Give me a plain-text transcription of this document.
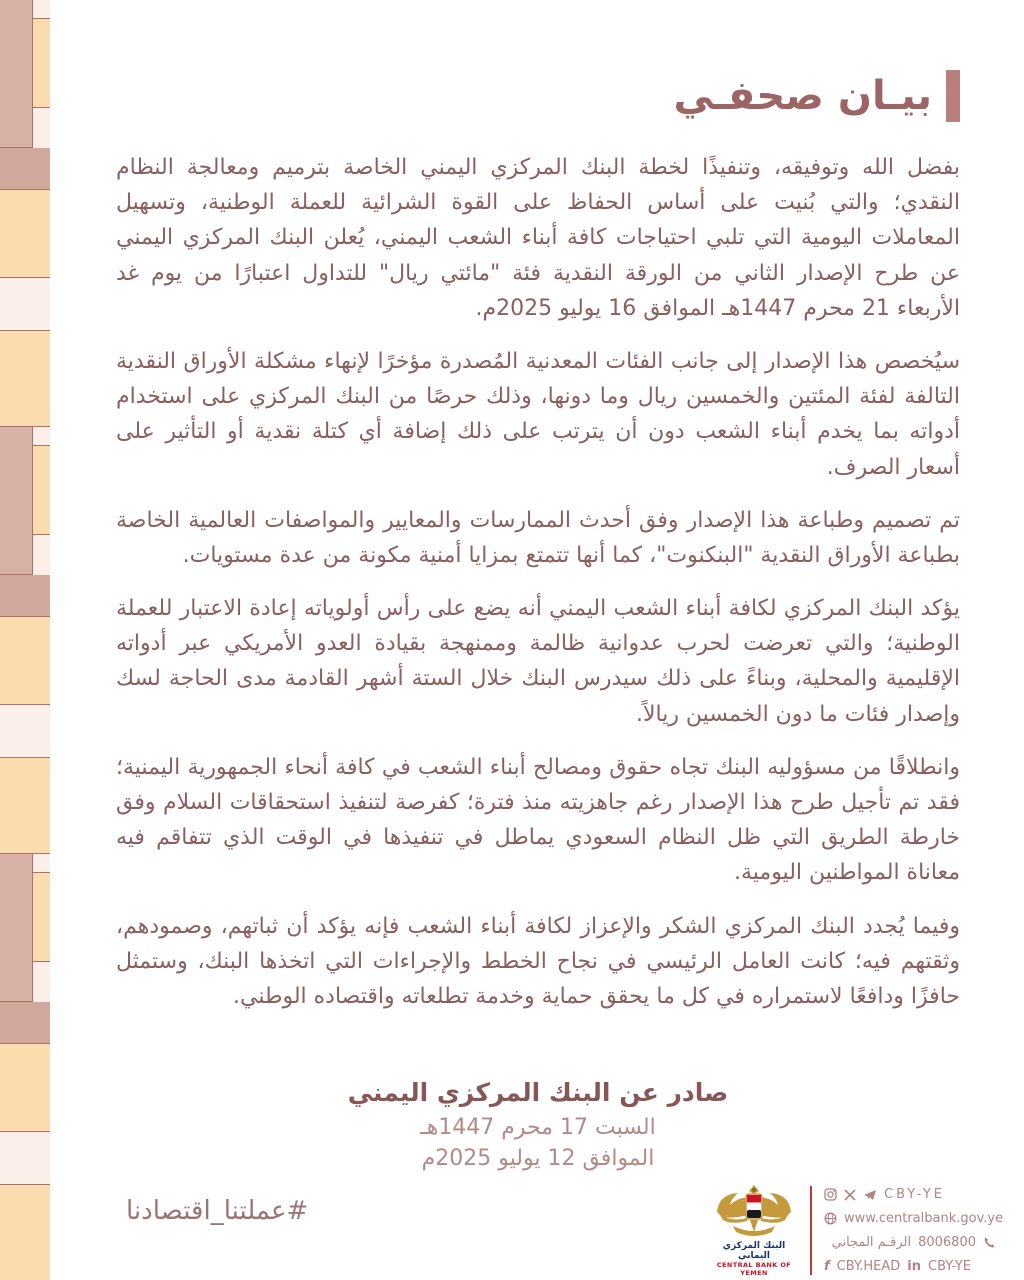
بيـان صحفـي

بفضل الله وتوفيقه، وتنفيذًا لخطة البنك المركزي اليمني الخاصة بترميم ومعالجة النظام النقدي؛ والتي بُنيت على أساس الحفاظ على القوة الشرائية للعملة الوطنية، وتسهيل المعاملات اليومية التي تلبي احتياجات كافة أبناء الشعب اليمني، يُعلن البنك المركزي اليمني عن طرح الإصدار الثاني من الورقة النقدية فئة "مائتي ريال" للتداول اعتبارًا من يوم غد الأربعاء 21 محرم 1447هـ الموافق 16 يوليو 2025م.

سيُخصص هذا الإصدار إلى جانب الفئات المعدنية المُصدرة مؤخرًا لإنهاء مشكلة الأوراق النقدية التالفة لفئة المئتين والخمسين ريال وما دونها، وذلك حرصًا من البنك المركزي على استخدام أدواته بما يخدم أبناء الشعب دون أن يترتب على ذلك إضافة أي كتلة نقدية أو التأثير على أسعار الصرف.

تم تصميم وطباعة هذا الإصدار وفق أحدث الممارسات والمعايير والمواصفات العالمية الخاصة بطباعة الأوراق النقدية "البنكنوت"، كما أنها تتمتع بمزايا أمنية مكونة من عدة مستويات.

يؤكد البنك المركزي لكافة أبناء الشعب اليمني أنه يضع على رأس أولوياته إعادة الاعتبار للعملة الوطنية؛ والتي تعرضت لحرب عدوانية ظالمة وممنهجة بقيادة العدو الأمريكي عبر أدواته الإقليمية والمحلية، وبناءً على ذلك سيدرس البنك خلال الستة أشهر القادمة مدى الحاجة لسك وإصدار فئات ما دون الخمسين ريالاً.

وانطلاقًا من مسؤوليه البنك تجاه حقوق ومصالح أبناء الشعب في كافة أنحاء الجمهورية اليمنية؛ فقد تم تأجيل طرح هذا الإصدار رغم جاهزيته منذ فترة؛ كفرصة لتنفيذ استحقاقات السلام وفق خارطة الطريق التي ظل النظام السعودي يماطل في تنفيذها في الوقت الذي تتفاقم فيه معاناة المواطنين اليومية.

وفيما يُجدد البنك المركزي الشكر والإعزاز لكافة أبناء الشعب فإنه يؤكد أن ثباتهم، وصمودهم، وثقتهم فيه؛ كانت العامل الرئيسي في نجاح الخطط والإجراءات التي اتخذها البنك، وستمثل حافزًا ودافعًا لاستمراره في كل ما يحقق حماية وخدمة تطلعاته واقتصاده الوطني.

صادر عن البنك المركزي اليمني
السبت 17 محرم 1447هـ
الموافق 12 يوليو 2025م
#عملتنا_اقتصادنا
البنك المركزي اليماني
CENTRAL BANK OF YEMEN
CBY-YE
www.centralbank.gov.ye
الرقـم المجاني 8006800
f CBY.HEAD in CBY-YE
